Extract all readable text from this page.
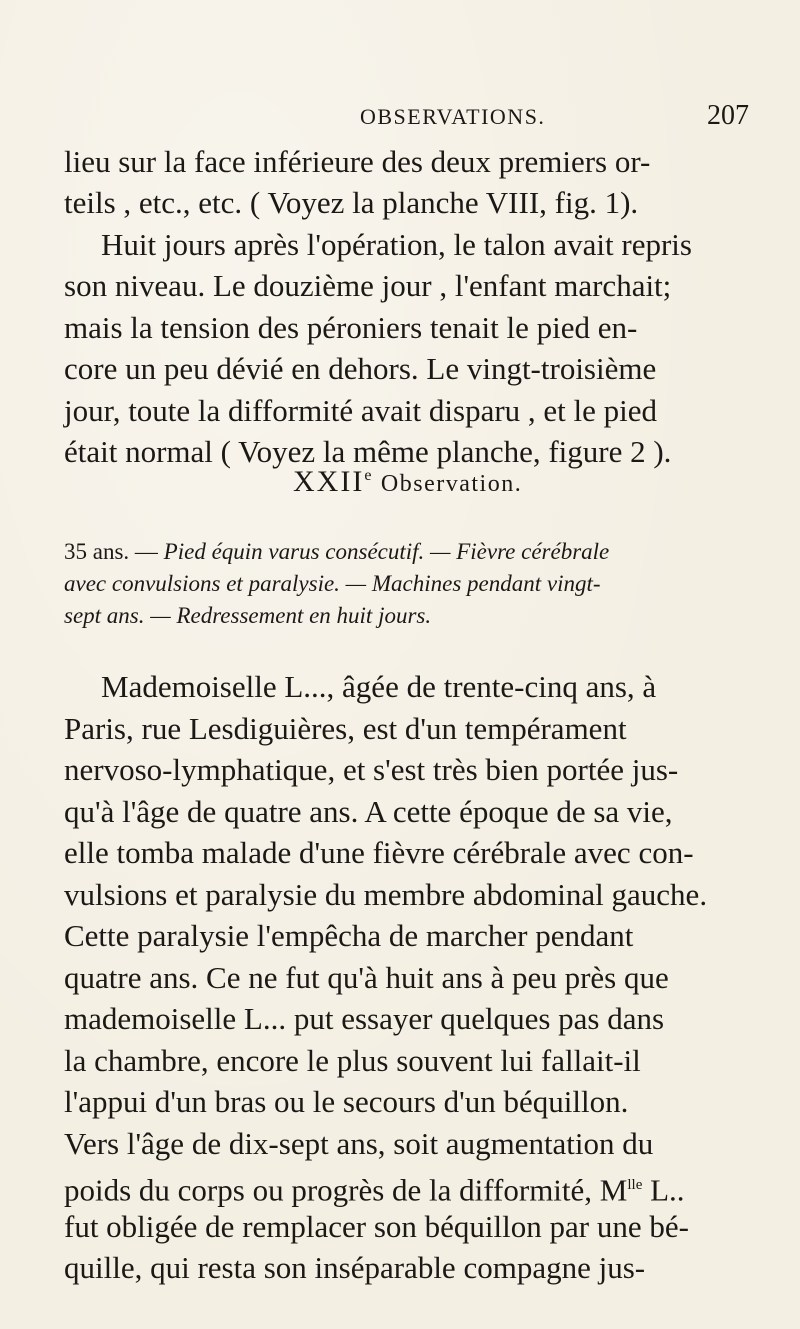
OBSERVATIONS.	207
lieu sur la face inférieure des deux premiers or-
teils , etc., etc. ( Voyez la planche VIII, fig. 1).
Huit jours après l'opération, le talon avait repris
son niveau. Le douzième jour , l'enfant marchait;
mais la tension des péroniers tenait le pied en-
core un peu dévié en dehors. Le vingt-troisième
jour, toute la difformité avait disparu , et le pied
était normal ( Voyez la même planche, figure 2 ).
XXIIe Observation.
35 ans. — Pied équin varus consécutif. — Fièvre cérébrale
avec convulsions et paralysie. — Machines pendant vingt-
sept ans. — Redressement en huit jours.
Mademoiselle L..., âgée de trente-cinq ans, à
Paris, rue Lesdiguières, est d'un tempérament
nervoso-lymphatique, et s'est très bien portée jus-
qu'à l'âge de quatre ans. A cette époque de sa vie,
elle tomba malade d'une fièvre cérébrale avec con-
vulsions et paralysie du membre abdominal gauche.
Cette paralysie l'empêcha de marcher pendant
quatre ans. Ce ne fut qu'à huit ans à peu près que
mademoiselle L... put essayer quelques pas dans
la chambre, encore le plus souvent lui fallait-il
l'appui d'un bras ou le secours d'un béquillon.
Vers l'âge de dix-sept ans, soit augmentation du
poids du corps ou progrès de la difformité, $M^{lle}$ L..
fut obligée de remplacer son béquillon par une bé-
quille, qui resta son inséparable compagne jus-
